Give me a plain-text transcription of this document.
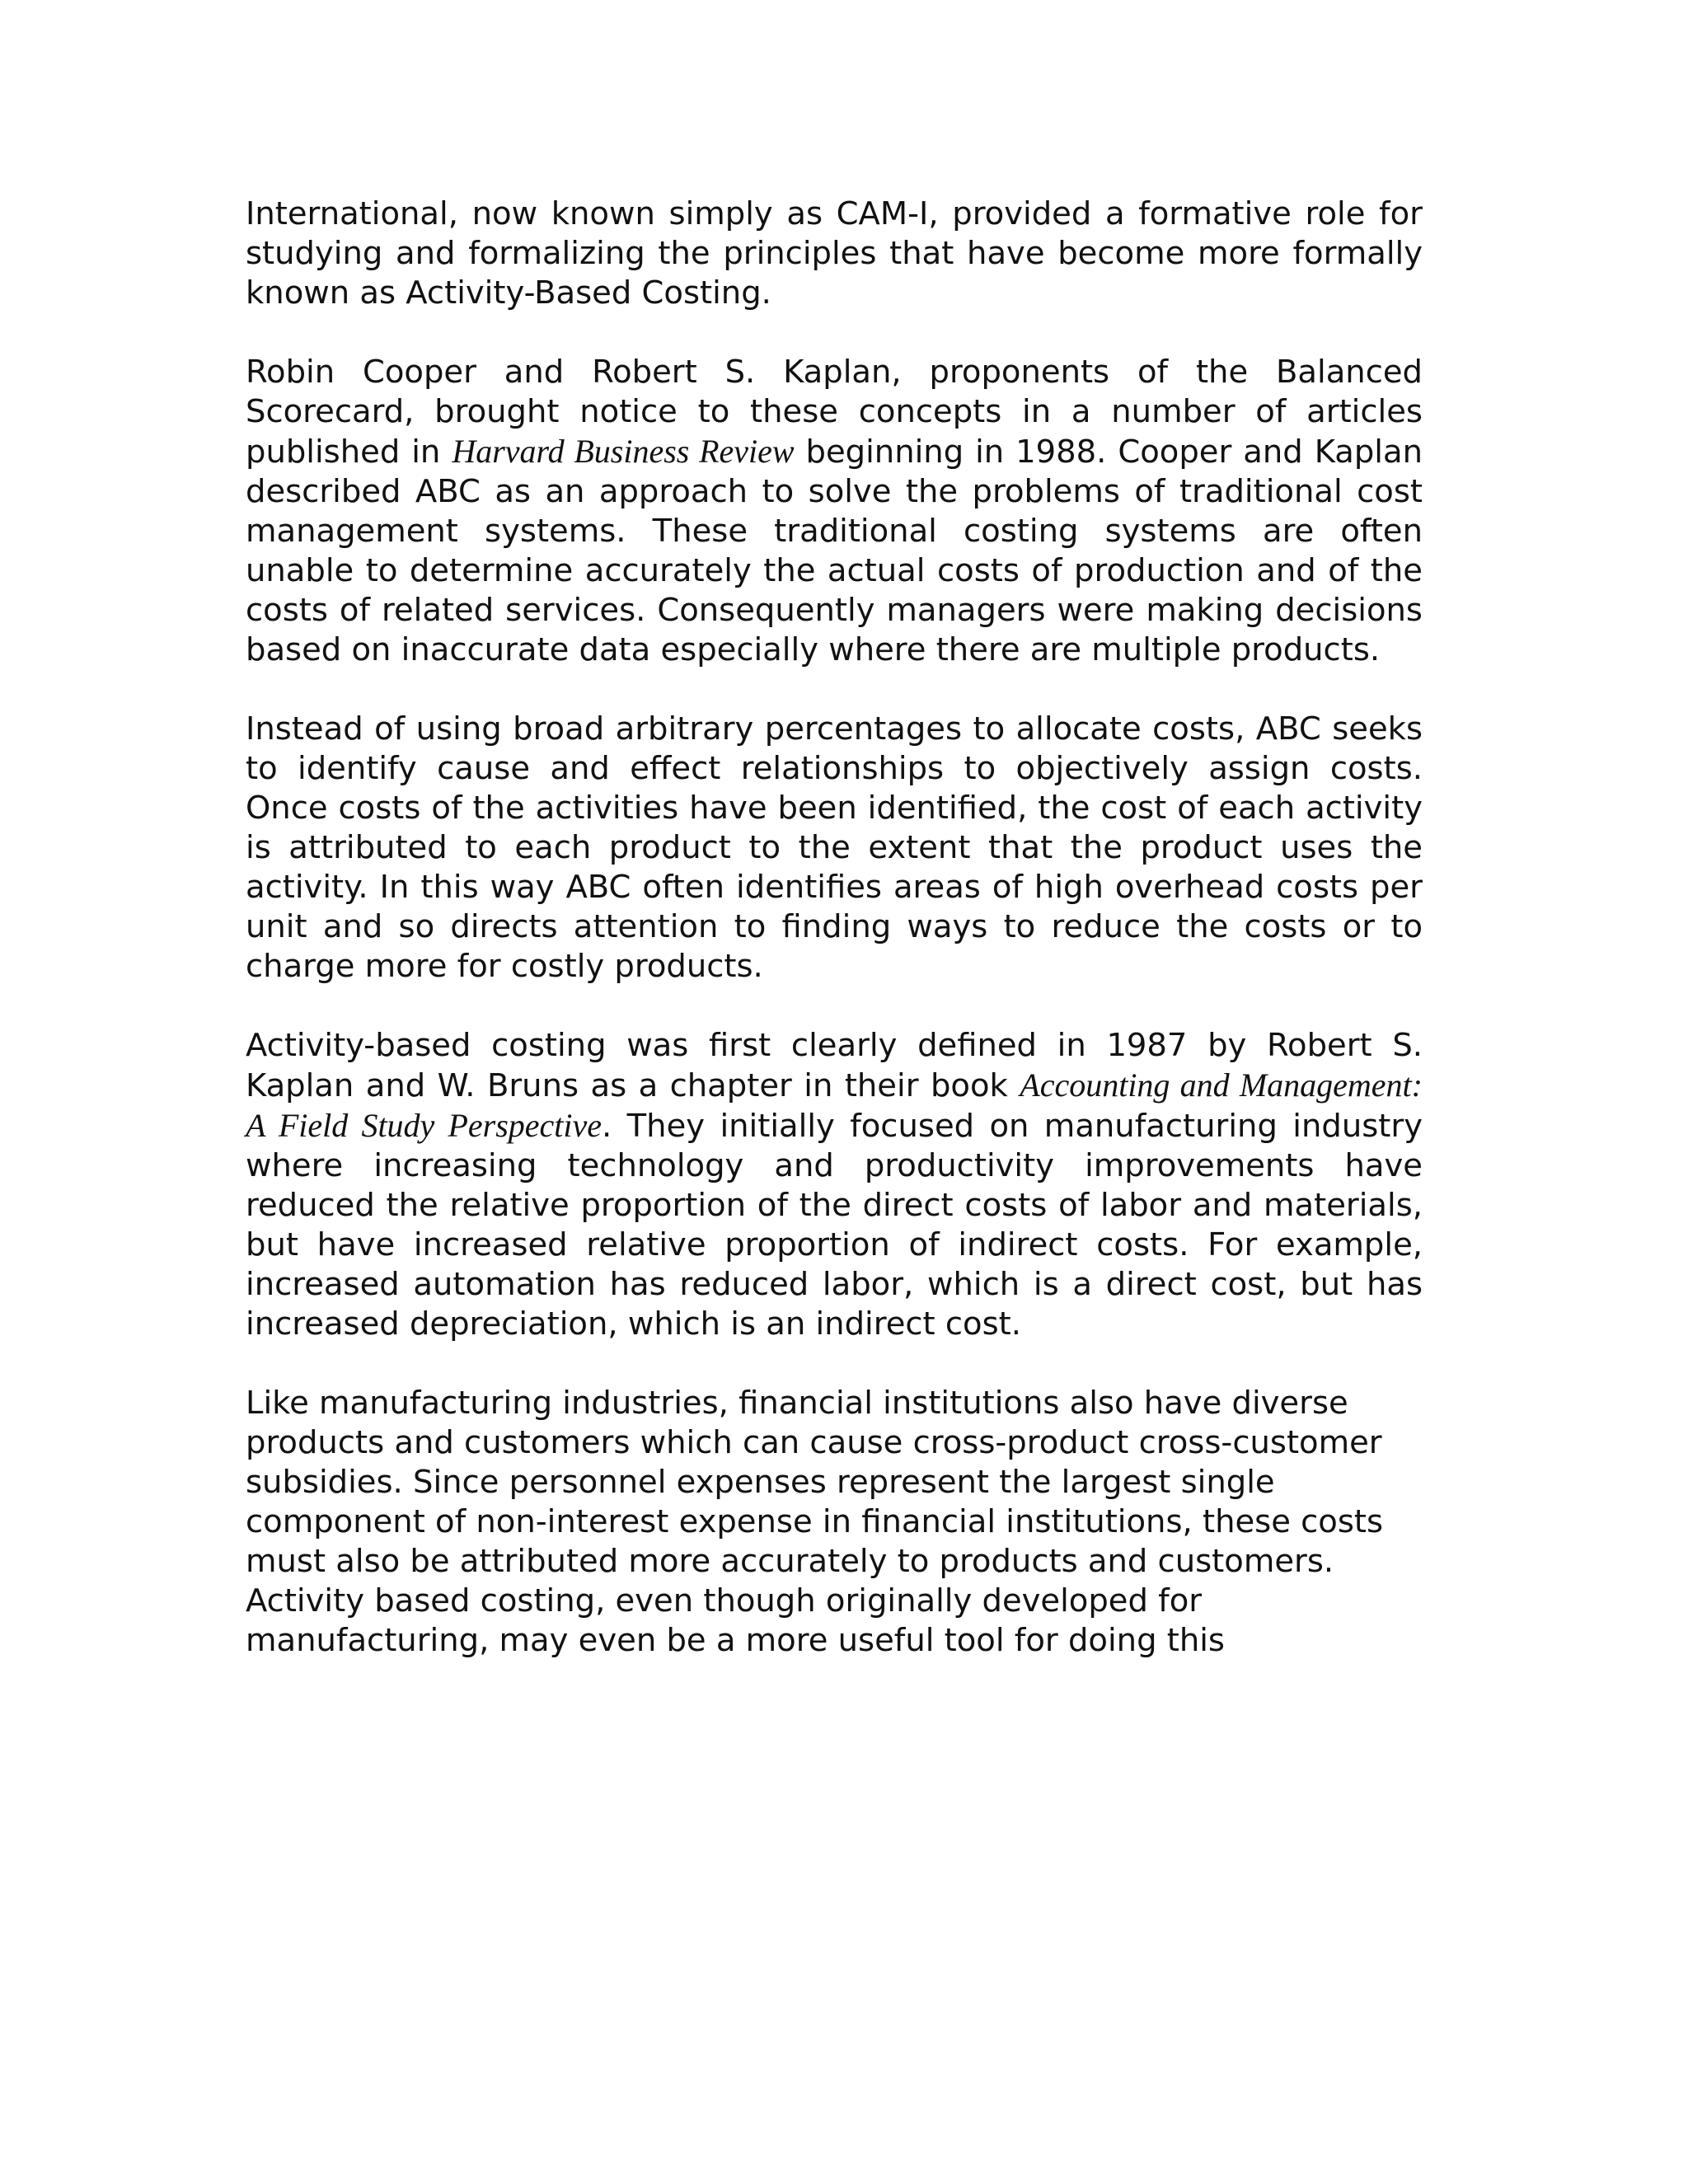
International, now known simply as CAM-I, provided a formative role for studying and formalizing the principles that have become more formally known as Activity-Based Costing.

Robin Cooper and Robert S. Kaplan, proponents of the Balanced Scorecard, brought notice to these concepts in a number of articles published in Harvard Business Review beginning in 1988. Cooper and Kaplan described ABC as an approach to solve the problems of traditional cost management systems. These traditional costing systems are often unable to determine accurately the actual costs of production and of the costs of related services. Consequently managers were making decisions based on inaccurate data especially where there are multiple products.

Instead of using broad arbitrary percentages to allocate costs, ABC seeks to identify cause and effect relationships to objectively assign costs. Once costs of the activities have been identified, the cost of each activity is attributed to each product to the extent that the product uses the activity. In this way ABC often identifies areas of high overhead costs per unit and so directs attention to finding ways to reduce the costs or to charge more for costly products.

Activity-based costing was first clearly defined in 1987 by Robert S. Kaplan and W. Bruns as a chapter in their book Accounting and Management: A Field Study Perspective. They initially focused on manufacturing industry where increasing technology and productivity improvements have reduced the relative proportion of the direct costs of labor and materials, but have increased relative proportion of indirect costs. For example, increased automation has reduced labor, which is a direct cost, but has increased depreciation, which is an indirect cost.

Like manufacturing industries, financial institutions also have diverse products and customers which can cause cross-product cross-customer subsidies. Since personnel expenses represent the largest single component of non-interest expense in financial institutions, these costs must also be attributed more accurately to products and customers. Activity based costing, even though originally developed for manufacturing, may even be a more useful tool for doing this
